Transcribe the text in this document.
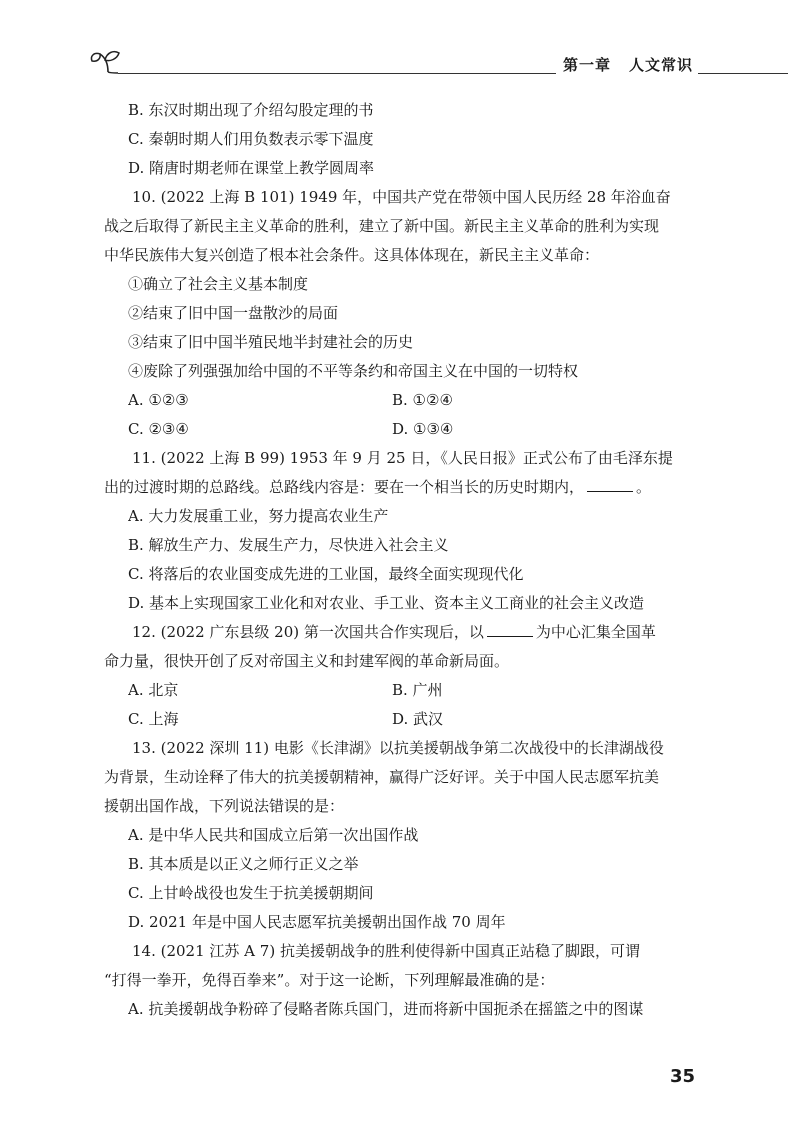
第一章 人文常识
B. 东汉时期出现了介绍勾股定理的书
C. 秦朝时期人们用负数表示零下温度
D. 隋唐时期老师在课堂上教学圆周率
10. (2022 上海 B 101) 1949 年，中国共产党在带领中国人民历经 28 年浴血奋
战之后取得了新民主主义革命的胜利，建立了新中国。新民主主义革命的胜利为实现
中华民族伟大复兴创造了根本社会条件。这具体体现在，新民主主义革命：
①确立了社会主义基本制度
②结束了旧中国一盘散沙的局面
③结束了旧中国半殖民地半封建社会的历史
④废除了列强强加给中国的不平等条约和帝国主义在中国的一切特权
A. ①②③	B. ①②④
C. ②③④	D. ①③④
11. (2022 上海 B 99) 1953 年 9 月 25 日，《人民日报》正式公布了由毛泽东提
出的过渡时期的总路线。总路线内容是：要在一个相当长的历史时期内，	。
A. 大力发展重工业，努力提高农业生产
B. 解放生产力、发展生产力，尽快进入社会主义
C. 将落后的农业国变成先进的工业国，最终全面实现现代化
D. 基本上实现国家工业化和对农业、手工业、资本主义工商业的社会主义改造
12. (2022 广东县级 20) 第一次国共合作实现后，以	为中心汇集全国革
命力量，很快开创了反对帝国主义和封建军阀的革命新局面。
A. 北京	B. 广州
C. 上海	D. 武汉
13. (2022 深圳 11) 电影《长津湖》以抗美援朝战争第二次战役中的长津湖战役
为背景，生动诠释了伟大的抗美援朝精神，赢得广泛好评。关于中国人民志愿军抗美
援朝出国作战，下列说法错误的是：
A. 是中华人民共和国成立后第一次出国作战
B. 其本质是以正义之师行正义之举
C. 上甘岭战役也发生于抗美援朝期间
D. 2021 年是中国人民志愿军抗美援朝出国作战 70 周年
14. (2021 江苏 A 7) 抗美援朝战争的胜利使得新中国真正站稳了脚跟，可谓
“打得一拳开，免得百拳来”。对于这一论断，下列理解最准确的是：
A. 抗美援朝战争粉碎了侵略者陈兵国门，进而将新中国扼杀在摇篮之中的图谋
35
